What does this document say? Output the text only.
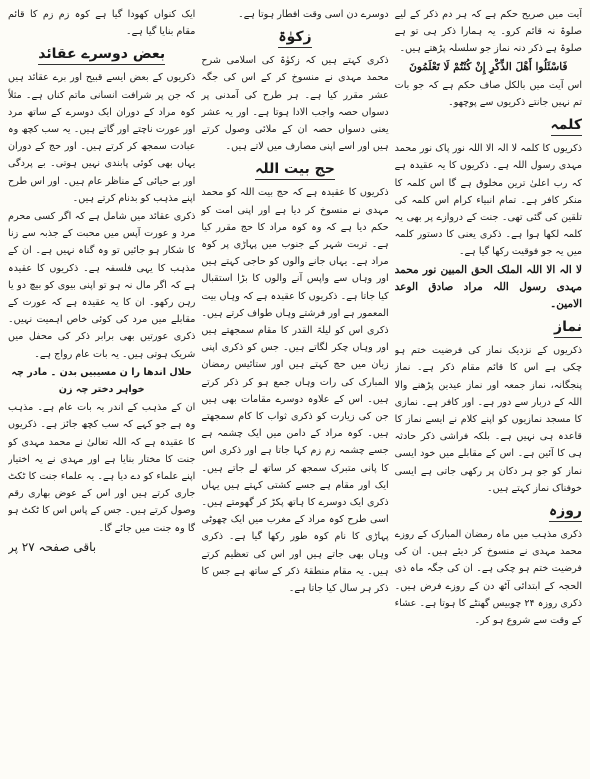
آیت میں صریح حکم ہے کہ ہر دم ذکر کے لیے صلوۃ نہ قائم کرو۔ یہ ہمارا ذکر ہی تو ہے صلوۃ ہے ذکر دنہ نماز جو سلسلہ پڑھتے ہیں۔

فَاسْئَلُوا أَهْلَ الذِّكْرِ إِنْ كُنْتُمْ لَا تَعْلَمُونَ

اس آیت میں بالکل صاف حکم ہے کہ جو بات تم نہیں جانتے ذکریوں سے پوچھو۔

کلمہ

ذکریوں کا کلمہ لا الہ الا اللہ نور پاک نور محمد مہدی رسول اللہ ہے۔ ذکریوں کا یہ عقیدہ ہے کہ رب اعلیٰ ترین مخلوق ہے گا اس کلمہ کا منکر کافر ہے۔ تمام انبیاء کرام اس کلمہ کی تلقین کی گئی تھی۔ جنت کے دروازے پر بھی یہ کلمہ لکھا ہوا ہے۔ ذکری یعنی کا دستور کلمہ میں یہ جو فوقیت رکھا گیا ہے۔

لا الہ الا اللہ الملک الحق المبین نور محمد مہدی رسول اللہ مراد صادق الوعد الامین۔

نماز

ذکریوں کے نزدیک نماز کی فرضیت ختم ہو چکی ہے اس کا قائم مقام ذکر ہے۔ نماز پنجگانہ، نماز جمعہ اور نماز عیدین پڑھنے والا اللہ کے دربار سے دور ہے۔ اور کافر ہے۔ نمازی کا مسجد نمازیوں کو اپنے کلام نے ایسے نماز کا قاعدہ ہی نہیں ہے۔ بلکہ فراشی ذکر حادثہ ہی کا آئین ہے۔ اس کے مقابلے میں خود ایسی نماز کو جو ہر دکان پر رکھی جاتی ہے ایسی خوفناک نماز کہتے ہیں۔

روزہ

ذکری مذہب میں ماہ رمضان المبارک کے روزے محمد مہدی نے منسوخ کر دیئے ہیں۔ ان کی فرضیت ختم ہو چکی ہے۔ ان کی جگہ ماہ ذی الحجہ کے ابتدائی آٹھ دن کے روزے فرض ہیں۔ ذکری روزہ ۲۴ چوبیس گھنٹے کا ہوتا ہے۔ عشاء کے وقت سے شروع ہو کر۔

دوسرے دن اسی وقت افطار ہوتا ہے۔

زکوٰۃ

ذکری کہتے ہیں کہ زکوٰۃ کی اسلامی شرح محمد مہدی نے منسوخ کر کے اس کی جگہ عشر مقرر کیا ہے۔ ہر طرح کی آمدنی پر دسواں حصہ واجب الادا ہوتا ہے۔ اور یہ عشر یعنی دسواں حصہ ان کے ملائی وصول کرتے ہیں اور اسے اپنی مصارف میں لاتے ہیں۔

حج بیت اللہ

ذکریوں کا عقیدہ ہے کہ حج بیت اللہ کو محمد مہدی نے منسوخ کر دیا ہے اور اپنی امت کو حکم دیا ہے کہ وہ کوہ مراد کا حج مقرر کیا ہے۔ تربت شہر کے جنوب میں پہاڑی پر کوہ مراد ہے۔ یہاں جانے والوں کو حاجی کہتے ہیں اور وہاں سے واپس آنے والوں کا بڑا استقبال کیا جاتا ہے۔ ذکریوں کا عقیدہ ہے کہ وہاں بیت المعمور ہے اور فرشتے وہاں طواف کرتے ہیں۔ ذکری اس کو لیلۃ القدر کا مقام سمجھتے ہیں اور وہاں چکر لگاتے ہیں۔ جس کو ذکری اپنی زبان میں حج کہتے ہیں اور ستائیس رمضان المبارک کی رات وہاں جمع ہو کر ذکر کرتے ہیں۔ اس کے علاوہ دوسرے مقامات بھی ہیں جن کی زیارت کو ذکری ثواب کا کام سمجھتے ہیں۔ کوہ مراد کے دامن میں ایک چشمہ ہے جسے چشمہ زم زم کہا جاتا ہے اور ذکری اس کا پانی متبرک سمجھ کر ساتھ لے جاتے ہیں۔ ایک اور مقام ہے جسے کشتی کہتے ہیں یہاں ذکری ایک دوسرے کا ہاتھ پکڑ کر گھومتے ہیں۔ اسی طرح کوہ مراد کے مغرب میں ایک چھوٹی پہاڑی کا نام کوہ طور رکھا گیا ہے۔ ذکری وہاں بھی جاتے ہیں اور اس کی تعظیم کرتے ہیں۔ یہ مقام منطقۂ ذکر کے ساتھ ہے جس کا ذکر ہر سال کیا جاتا ہے۔

ایک کنواں کھودا گیا ہے کوہ زم زم کا قائم مقام بنایا گیا ہے۔

بعض دوسرے عقائد

ذکریوں کے بعض ایسے قبیح اور برے عقائد ہیں کہ جن پر شرافت انسانی ماتم کناں ہے۔ مثلاً کوہ مراد کے دوران ایک دوسرے کے ساتھ مرد اور عورت ناچتے اور گاتے ہیں۔ یہ سب کچھ وہ عبادت سمجھ کر کرتے ہیں۔ اور حج کے دوران یہاں بھی کوئی پابندی نہیں ہوتی۔ بے پردگی اور بے حیائی کے مناظر عام ہیں۔ اور اس طرح اپنے مذہب کو بدنام کرتے ہیں۔

ذکری عقائد میں شامل ہے کہ اگر کسی محرم مرد و عورت آپس میں محبت کے جذبہ سے زنا کا شکار ہو جائیں تو وہ گناہ نہیں ہے۔ ان کے مذہب کا یہی فلسفہ ہے۔ ذکریوں کا عقیدہ ہے کہ اگر مال نہ ہو تو اپنی بیوی کو بیچ دو یا رہن رکھو۔ ان کا یہ عقیدہ ہے کہ عورت کے مقابلے میں مرد کی کوئی خاص اہمیت نہیں۔ ذکری عورتیں بھی برابر ذکر کی محفل میں شریک ہوتی ہیں۔ یہ بات عام رواج ہے۔

حلال اندھا را ن مسیبیں بدن ۔ مادر چہ خواہر دختر چہ زن

ان کے مذہب کے اندر یہ بات عام ہے۔ مذہب وہ ہے جو کہے کہ سب کچھ جائز ہے۔ ذکریوں کا عقیدہ ہے کہ اللہ تعالیٰ نے محمد مہدی کو جنت کا مختار بنایا ہے اور مہدی نے یہ اختیار اپنے علماء کو دے دیا ہے۔ یہ علماء جنت کا ٹکٹ جاری کرتے ہیں اور اس کے عوض بھاری رقم وصول کرتے ہیں۔ جس کے پاس اس کا ٹکٹ ہو گا وہ جنت میں جائے گا۔

باقی صفحہ ۲۷ پر
